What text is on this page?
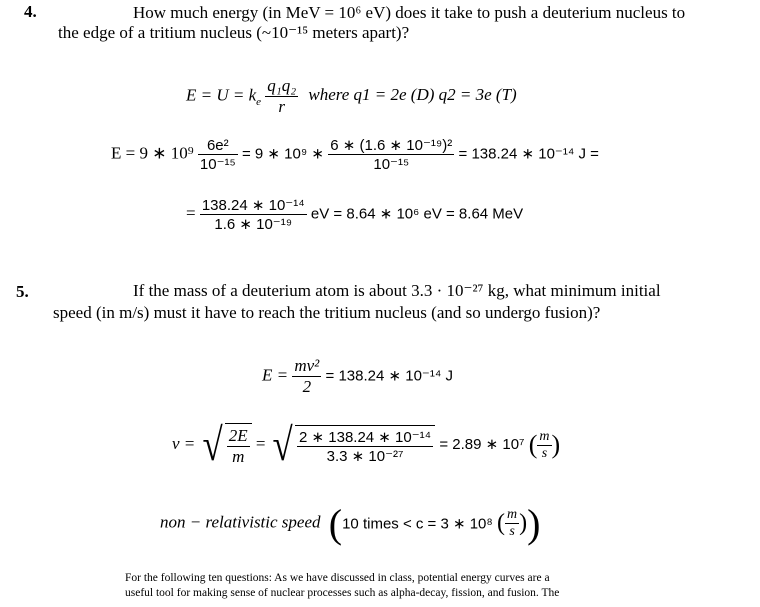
4.	How much energy (in MeV = 10⁶ eV) does it take to push a deuterium nucleus to
the edge of a tritium nucleus (~10⁻¹⁵ meters apart)?
$E = U = k_e \frac{\text{q₁q₂}}{r}$ where q1 = 2e (D) q2 = 3e (T)
E = 9 ∗ $10^9 \frac{\text{6e²}}{\text{10⁻¹⁵}} = 9$ ∗ 10⁹ ∗ $\frac{\text{6 ∗ (1.6 ∗ 10⁻¹⁹)²}}{\text{10⁻¹⁵}} = 138.24$ ∗ 10⁻¹⁴ J =
= $\frac{\text{138.24 ∗ 10⁻¹⁴}}{\text{1.6 ∗ 10⁻¹⁹}}$ eV = 8.64 ∗ 10⁶ eV = 8.64 MeV
5.	If the mass of a deuterium atom is about 3.3 · 10⁻²⁷ kg, what minimum initial
speed (in m/s) must it have to reach the tritium nucleus (and so undergo fusion)?
$E = \frac{\text{mv²}}{2} = 138.24$ ∗ 10⁻¹⁴ J
v = √ $\frac{2E}{m}$ = √ $\frac{\text{2 ∗ 138.24 ∗ 10⁻¹⁴}}{\text{3.3 ∗ 10⁻²⁷}} = 2.89$ ∗ 10⁷ ( $\frac{m}{s}$ )
non − relativistic speed (10 times < c = 3 ∗ 10⁸ ( $\frac{m}{s}$ ))
For the following ten questions: As we have discussed in class, potential energy curves are a
useful tool for making sense of nuclear processes such as alpha-decay, fission, and fusion. The
